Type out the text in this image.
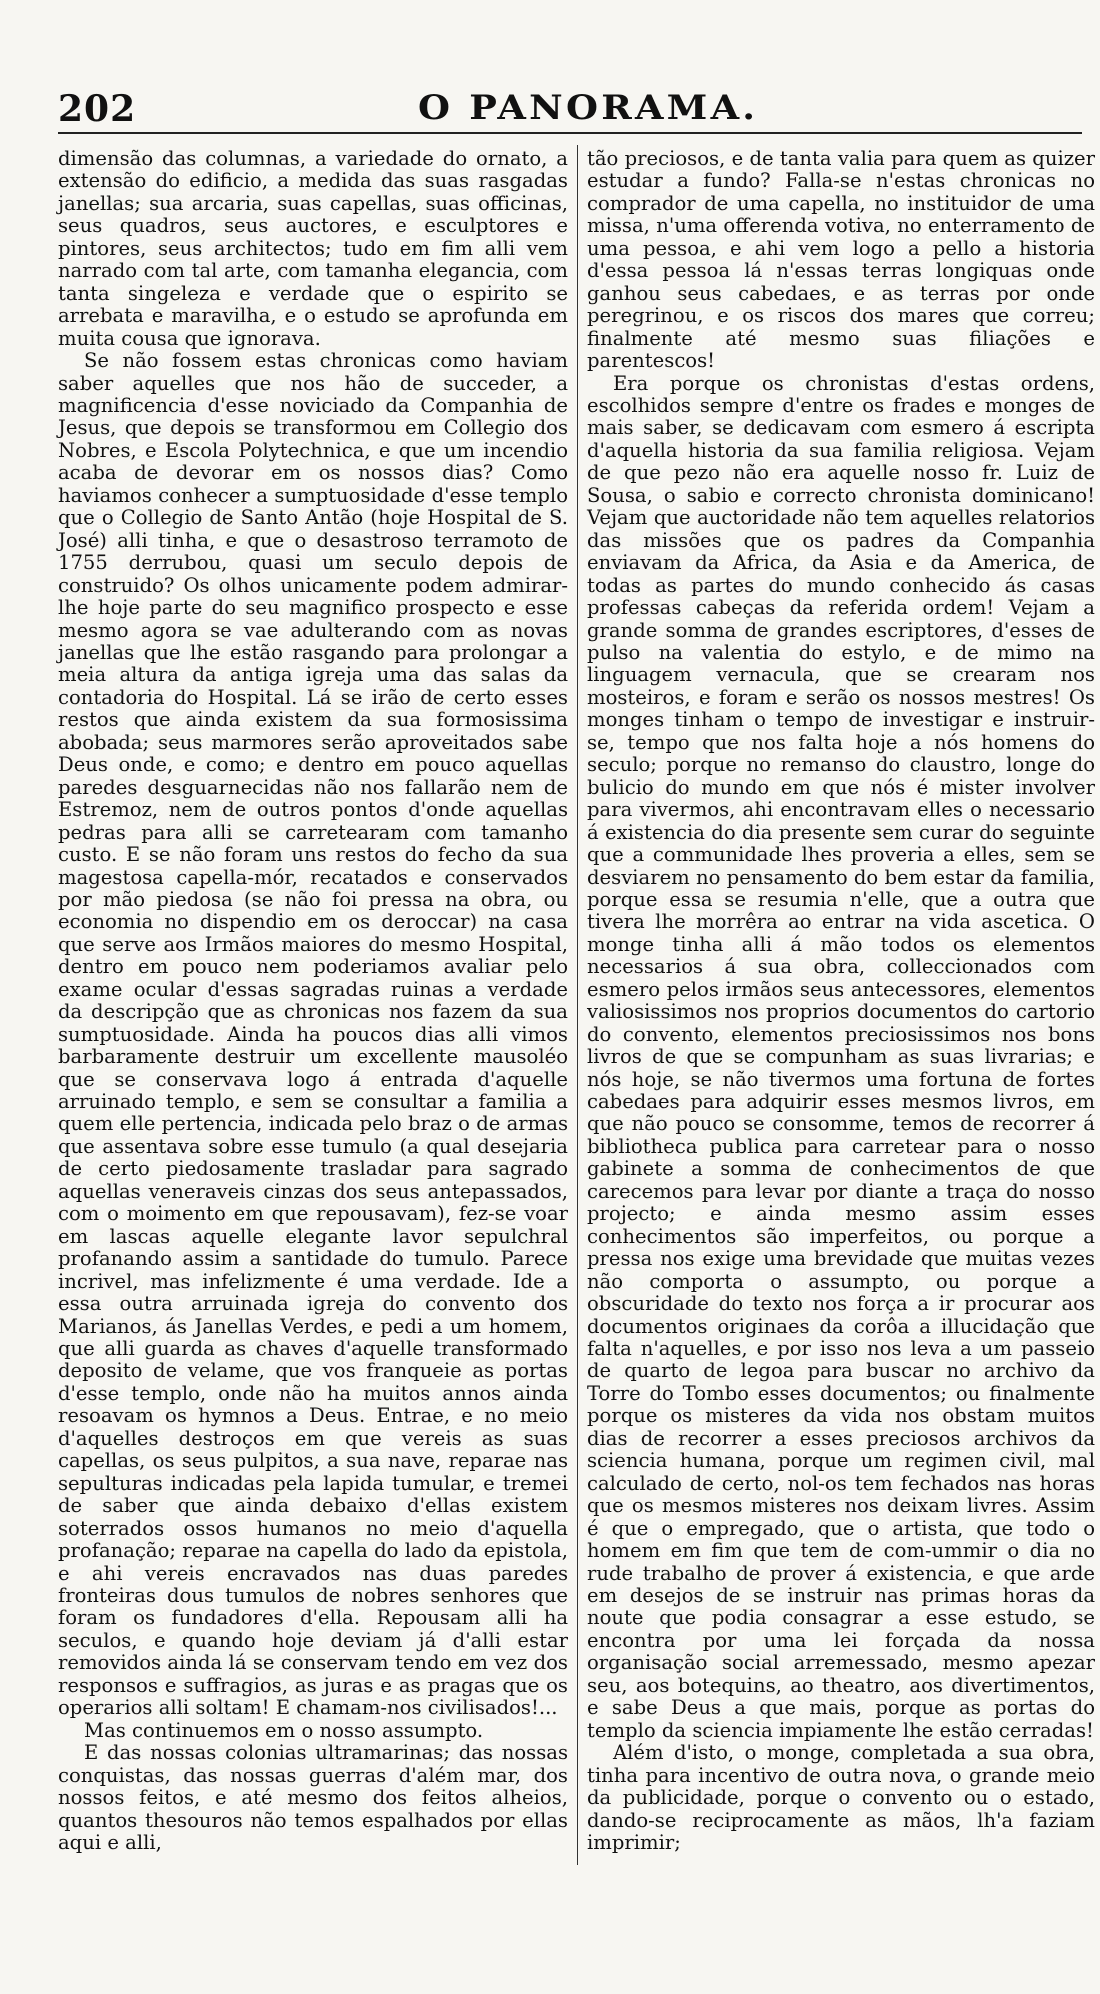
202	O PANORAMA.

dimensão das columnas, a variedade do ornato, a extensão do edificio, a medida das suas rasgadas janellas; sua arcaria, suas capellas, suas officinas, seus quadros, seus auctores, e esculptores e pintores, seus architectos; tudo em fim alli vem narrado com tal arte, com tamanha elegancia, com tanta singeleza e verdade que o espirito se arrebata e maravilha, e o estudo se aprofunda em muita cousa que ignorava.

Se não fossem estas chronicas como haviam saber aquelles que nos hão de succeder, a magnificencia d'esse noviciado da Companhia de Jesus, que depois se transformou em Collegio dos Nobres, e Escola Polytechnica, e que um incendio acaba de devorar em os nossos dias? Como haviamos conhecer a sumptuosidade d'esse templo que o Collegio de Santo Antão (hoje Hospital de S. José) alli tinha, e que o desastroso terramoto de 1755 derrubou, quasi um seculo depois de construido? Os olhos unicamente podem admirar-lhe hoje parte do seu magnifico prospecto e esse mesmo agora se vae adulterando com as novas janellas que lhe estão rasgando para prolongar a meia altura da antiga igreja uma das salas da contadoria do Hospital. Lá se irão de certo esses restos que ainda existem da sua formosissima abobada; seus marmores serão aproveitados sabe Deus onde, e como; e dentro em pouco aquellas paredes desguarnecidas não nos fallarão nem de Estremoz, nem de outros pontos d'onde aquellas pedras para alli se carretearam com tamanho custo. E se não foram uns restos do fecho da sua magestosa capella-mór, recatados e conservados por mão piedosa (se não foi pressa na obra, ou economia no dispendio em os deroccar) na casa que serve aos Irmãos maiores do mesmo Hospital, dentro em pouco nem poderiamos avaliar pelo exame ocular d'essas sagradas ruinas a verdade da descripção que as chronicas nos fazem da sua sumptuosidade. Ainda ha poucos dias alli vimos barbaramente destruir um excellente mausoléo que se conservava logo á entrada d'aquelle arruinado templo, e sem se consultar a familia a quem elle pertencia, indicada pelo braz o de armas que assentava sobre esse tumulo (a qual desejaria de certo piedosamente trasladar para sagrado aquellas veneraveis cinzas dos seus antepassados, com o moimento em que repousavam), fez-se voar em lascas aquelle elegante lavor sepulchral profanando assim a santidade do tumulo. Parece incrivel, mas infelizmente é uma verdade. Ide a essa outra arruinada igreja do convento dos Marianos, ás Janellas Verdes, e pedi a um homem, que alli guarda as chaves d'aquelle transformado deposito de velame, que vos franqueie as portas d'esse templo, onde não ha muitos annos ainda resoavam os hymnos a Deus. Entrae, e no meio d'aquelles destroços em que vereis as suas capellas, os seus pulpitos, a sua nave, reparae nas sepulturas indicadas pela lapida tumular, e tremei de saber que ainda debaixo d'ellas existem soterrados ossos humanos no meio d'aquella profanação; reparae na capella do lado da epistola, e ahi vereis encravados nas duas paredes fronteiras dous tumulos de nobres senhores que foram os fundadores d'ella. Repousam alli ha seculos, e quando hoje deviam já d'alli estar removidos ainda lá se conservam tendo em vez dos responsos e suffragios, as juras e as pragas que os operarios alli soltam! E chamam-nos civilisados!...

Mas continuemos em o nosso assumpto.

E das nossas colonias ultramarinas; das nossas conquistas, das nossas guerras d'além mar, dos nossos feitos, e até mesmo dos feitos alheios, quantos thesouros não temos espalhados por ellas aqui e alli,

tão preciosos, e de tanta valia para quem as quizer estudar a fundo? Falla-se n'estas chronicas no comprador de uma capella, no instituidor de uma missa, n'uma offerenda votiva, no enterramento de uma pessoa, e ahi vem logo a pello a historia d'essa pessoa lá n'essas terras longiquas onde ganhou seus cabedaes, e as terras por onde peregrinou, e os riscos dos mares que correu; finalmente até mesmo suas filiações e parentescos!

Era porque os chronistas d'estas ordens, escolhidos sempre d'entre os frades e monges de mais saber, se dedicavam com esmero á escripta d'aquella historia da sua familia religiosa. Vejam de que pezo não era aquelle nosso fr. Luiz de Sousa, o sabio e correcto chronista dominicano! Vejam que auctoridade não tem aquelles relatorios das missões que os padres da Companhia enviavam da Africa, da Asia e da America, de todas as partes do mundo conhecido ás casas professas cabeças da referida ordem! Vejam a grande somma de grandes escriptores, d'esses de pulso na valentia do estylo, e de mimo na linguagem vernacula, que se crearam nos mosteiros, e foram e serão os nossos mestres! Os monges tinham o tempo de investigar e instruir-se, tempo que nos falta hoje a nós homens do seculo; porque no remanso do claustro, longe do bulicio do mundo em que nós é mister involver para vivermos, ahi encontravam elles o necessario á existencia do dia presente sem curar do seguinte que a communidade lhes proveria a elles, sem se desviarem no pensamento do bem estar da familia, porque essa se resumia n'elle, que a outra que tivera lhe morrêra ao entrar na vida ascetica. O monge tinha alli á mão todos os elementos necessarios á sua obra, colleccionados com esmero pelos irmãos seus antecessores, elementos valiosissimos nos proprios documentos do cartorio do convento, elementos preciosissimos nos bons livros de que se compunham as suas livrarias; e nós hoje, se não tivermos uma fortuna de fortes cabedaes para adquirir esses mesmos livros, em que não pouco se consomme, temos de recorrer á bibliotheca publica para carretear para o nosso gabinete a somma de conhecimentos de que carecemos para levar por diante a traça do nosso projecto; e ainda mesmo assim esses conhecimentos são imperfeitos, ou porque a pressa nos exige uma brevidade que muitas vezes não comporta o assumpto, ou porque a obscuridade do texto nos força a ir procurar aos documentos originaes da corôa a illucidação que falta n'aquelles, e por isso nos leva a um passeio de quarto de legoa para buscar no archivo da Torre do Tombo esses documentos; ou finalmente porque os misteres da vida nos obstam muitos dias de recorrer a esses preciosos archivos da sciencia humana, porque um regimen civil, mal calculado de certo, nol-os tem fechados nas horas que os mesmos misteres nos deixam livres. Assim é que o empregado, que o artista, que todo o homem em fim que tem de com-ummir o dia no rude trabalho de prover á existencia, e que arde em desejos de se instruir nas primas horas da noute que podia consagrar a esse estudo, se encontra por uma lei forçada da nossa organisação social arremessado, mesmo apezar seu, aos botequins, ao theatro, aos divertimentos, e sabe Deus a que mais, porque as portas do templo da sciencia impiamente lhe estão cerradas!

Além d'isto, o monge, completada a sua obra, tinha para incentivo de outra nova, o grande meio da publicidade, porque o convento ou o estado, dando-se reciprocamente as mãos, lh'a faziam imprimir;
